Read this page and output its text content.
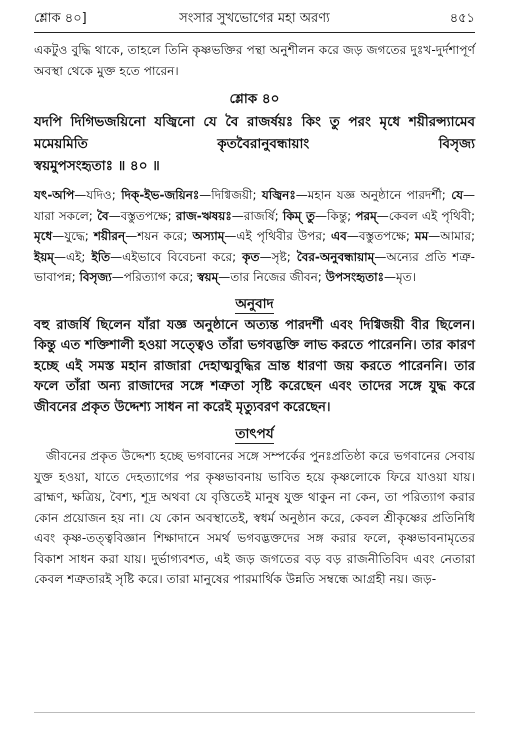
শ্লোক ৪০]	সংসার সুখভোগের মহা অরণ্য	৪৫১

একটুও বুদ্ধি থাকে, তাহলে তিনি কৃষ্ণভক্তির পন্থা অনুশীলন করে জড় জগতের দুঃখ-দুর্দশাপূর্ণ অবস্থা থেকে মুক্ত হতে পারেন।

শ্লোক ৪০

যদপি দিগিভজয়িনো যজ্বিনো যে বৈ রাজর্ষয়ঃ কিং তু পরং মৃধে শয়ীরন্স্যামেব মমেয়মিতি কৃতবৈরানুবন্ধায়াং বিসৃজ্য
স্বয়মুপসংহৃতাঃ ॥ ৪০ ॥

যৎ-অপি—যদিও; দিক্-ইভ-জয়িনঃ—দিগ্বিজয়ী; যজ্বিনঃ—মহান যজ্ঞ অনুষ্ঠানে পারদর্শী; যে—যারা সকলে; বৈ—বস্তুতপক্ষে; রাজ-ঋষয়ঃ—রাজর্ষি; কিম্ তু—কিন্তু; পরম্—কেবল এই পৃথিবী; মৃধে—যুদ্ধে; শয়ীরন্—শয়ন করে; অস্যাম্—এই পৃথিবীর উপর; এব—বস্তুতপক্ষে; মম—আমার; ইয়ম্—এই; ইতি—এইভাবে বিবেচনা করে; কৃত—সৃষ্ট; বৈর-অনুবন্ধায়াম্—অন্যের প্রতি শত্রু-ভাবাপন্ন; বিসৃজ্য—পরিত্যাগ করে; স্বয়ম্—তার নিজের জীবন; উপসংহৃতাঃ—মৃত।

অনুবাদ

বহু রাজর্ষি ছিলেন যাঁরা যজ্ঞ অনুষ্ঠানে অত্যন্ত পারদর্শী এবং দিগ্বিজয়ী বীর ছিলেন। কিন্তু এত শক্তিশালী হওয়া সত্ত্বেও তাঁরা ভগবদ্ভক্তি লাভ করতে পারেননি। তার কারণ হচ্ছে এই সমস্ত মহান রাজারা দেহাত্মবুদ্ধির ভ্রান্ত ধারণা জয় করতে পারেননি। তার ফলে তাঁরা অন্য রাজাদের সঙ্গে শত্রুতা সৃষ্টি করেছেন এবং তাদের সঙ্গে যুদ্ধ করে জীবনের প্রকৃত উদ্দেশ্য সাধন না করেই মৃত্যুবরণ করেছেন।

তাৎপর্য

জীবনের প্রকৃত উদ্দেশ্য হচ্ছে ভগবানের সঙ্গে সম্পর্কের পুনঃপ্রতিষ্ঠা করে ভগবানের সেবায় যুক্ত হওয়া, যাতে দেহত্যাগের পর কৃষ্ণভাবনায় ভাবিত হয়ে কৃষ্ণলোকে ফিরে যাওয়া যায়। ব্রাহ্মণ, ক্ষত্রিয়, বৈশ্য, শূদ্র অথবা যে বৃত্তিতেই মানুষ যুক্ত থাকুন না কেন, তা পরিত্যাগ করার কোন প্রয়োজন হয় না। যে কোন অবস্থাতেই, স্বধর্ম অনুষ্ঠান করে, কেবল শ্রীকৃষ্ণের প্রতিনিধি এবং কৃষ্ণ-তত্ত্ববিজ্ঞান শিক্ষাদানে সমর্থ ভগবদ্ভক্তদের সঙ্গ করার ফলে, কৃষ্ণভাবনামৃতের বিকাশ সাধন করা যায়। দুর্ভাগ্যবশত, এই জড় জগতের বড় বড় রাজনীতিবিদ এবং নেতারা কেবল শত্রুতারই সৃষ্টি করে। তারা মানুষের পারমার্থিক উন্নতি সম্বন্ধে আগ্রহী নয়। জড়-
